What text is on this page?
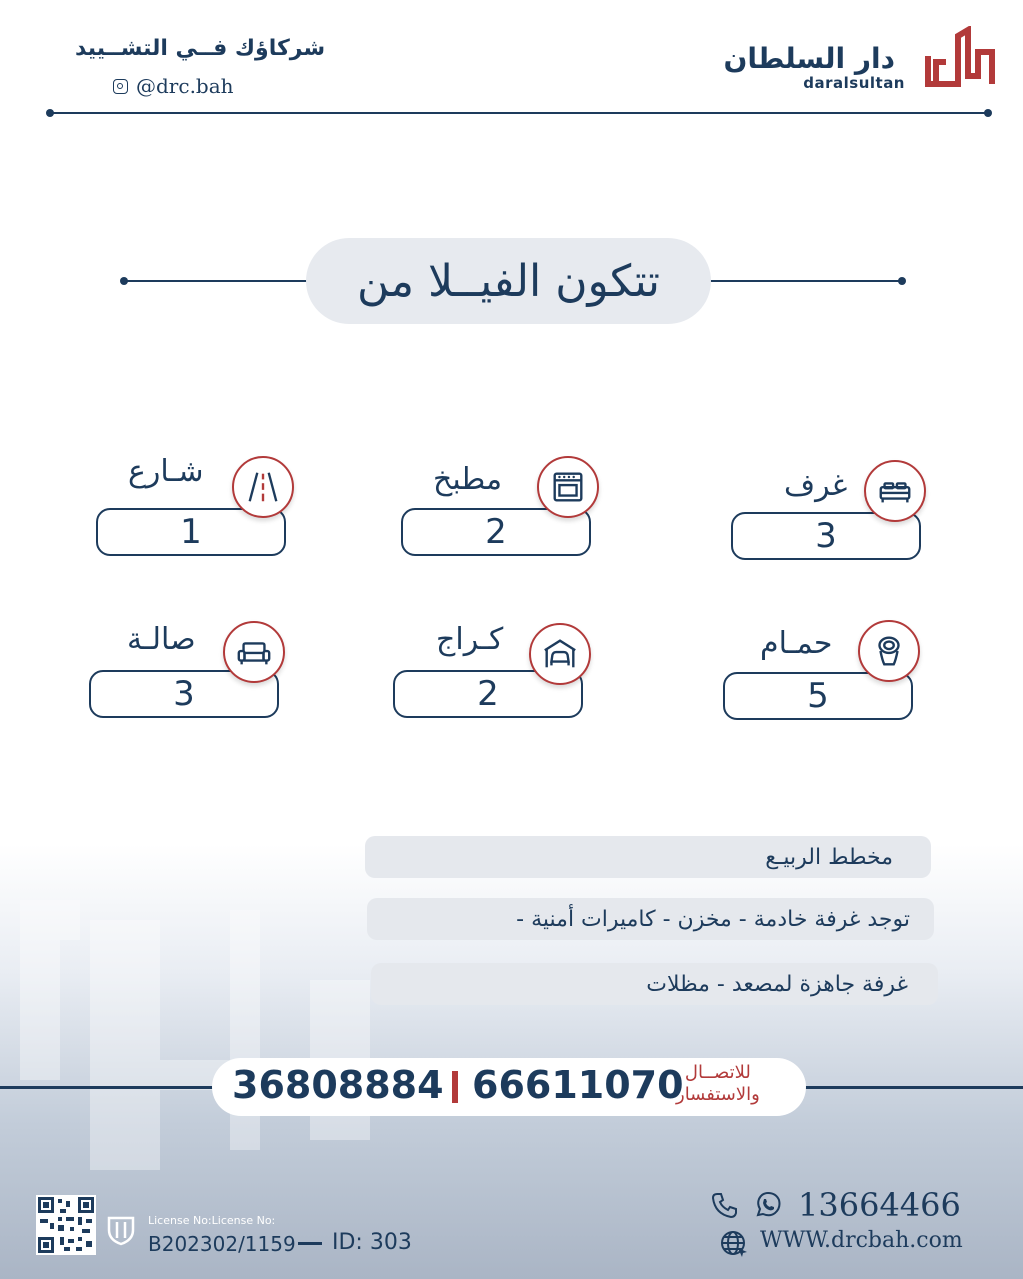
دار السلطان
daralsultan
شركاؤك فــي التشــييد
@drc.bah
تتكون الفيــلا من
3
غرف
2
مطبخ
1
شـارع
5
حمـام
2
كـراج
3
صالـة
مخطط الربيـع
توجد غرفة خادمة - مخزن - كاميرات أمنية -
غرفة جاهزة لمصعد - مظلات
36808884 66611070 للاتصــال
والاستفسار
License No:License No:
B202302/1159 ID: 303
13664466
WWW.drcbah.com
